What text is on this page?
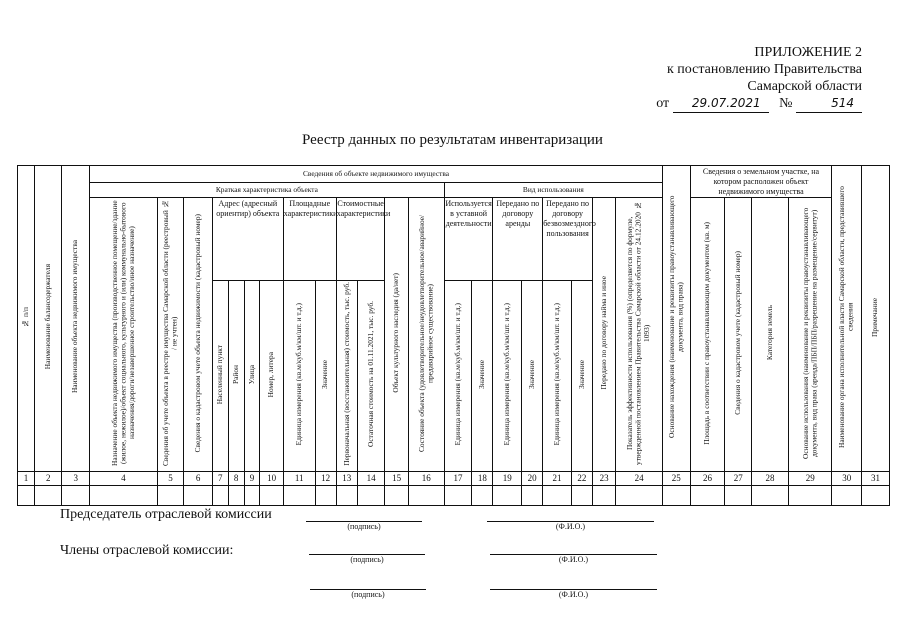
ПРИЛОЖЕНИЕ 2
к постановлению Правительства
Самарской области
от 29.07.2021 №	514
Реестр данных по результатам инвентаризации
№ п/п	Наименование балансодержателя	Наименование объекта недвижимого имущества	Сведения об объекте недвижимого имущества																					Основание нахождения (наименование и реквизиты правоустанавливающего документа, вид права)	Сведения о земельном участке, на котором расположен объект недвижимого имущества				Наименование органа исполнительной власти Самарской области, представившего сведения	Примечание
			Краткая характеристика объекта													Вид использования														
			Назначение объекта недвижимого имущества (производственное помещение/здание (жилое, нежилое)/объект социального, культурного и (или) коммунально-бытового назначения/дороги/незавершенное строительство/иное назначение)	Сведения об учете объекта в реестре имущества Самарской области (реестровый № / не учтен)	Сведения о кадастровом учете объекта недвижимости (кадастровый номер)	Адрес (адресный ориентир) объекта				Площадные характеристики		Стоимостные характеристики		Объект культурного наследия (да/нет)	Состояние объекта (удовлетворительное/неудовлетворительное/аварийное/предаварийное существование)	Используется в уставной деятельности		Передано по договору аренды		Передано по договору безвозмездного пользования		Передано по договору найма и иное	Показатель эффективности использования (%) (определяется по формуле, утвержденной постановлением Правительства Самарской области от 24.12.2020 № 1093)		Площадь в соответствии с правоустанавливающим документом (кв. м)	Сведения о кадастровом учете (кадастровый номер)	Категория земель	Основание использования (наименование и реквизиты правоустанавливающего документа, вид права (аренда/ПБП/ПБП/разрешение на размещение/сервитут)		
						Населенный пункт	Район	Улица	Номер, литера	Единица измерения (кв.м/куб.м/км/шт. и т.д.)	Значение	Первоначальная (восстановительная) стоимость, тыс. руб.	Остаточная стоимость на 01.11.2021, тыс. руб.			Единица измерения (кв.м/куб.м/км/шт. и т.д.)	Значение	Единица измерения (кв.м/куб.м/км/шт. и т.д.)	Значение	Единица измерения (кв.м/куб.м/км/шт. и т.д.)	Значение									
1	2	3	4	5	6	7	8	9	10	11	12	13	14	15	16	17	18	19	20	21	22	23	24	25	26	27	28	29	30	31

Председатель отраслевой комиссии
(подпись)	(Ф.И.О.)
Члены отраслевой комиссии:
(подпись)	(Ф.И.О.)
(подпись)	(Ф.И.О.)
